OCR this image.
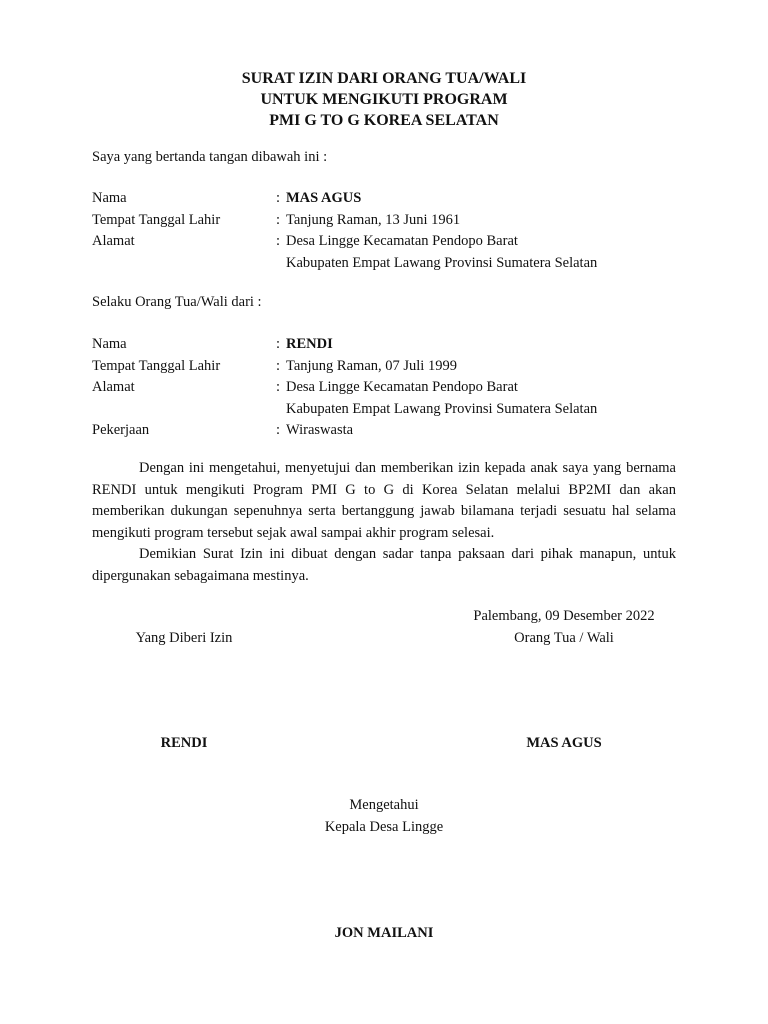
SURAT IZIN DARI ORANG TUA/WALI
UNTUK MENGIKUTI PROGRAM
PMI G TO G KOREA SELATAN
Saya yang bertanda tangan dibawah ini :
Nama	: MAS AGUS
Tempat Tanggal Lahir	: Tanjung Raman, 13 Juni 1961
Alamat	: Desa Lingge Kecamatan Pendopo Barat
Kabupaten Empat Lawang Provinsi Sumatera Selatan
Selaku Orang Tua/Wali dari :
Nama	: RENDI
Tempat Tanggal Lahir	: Tanjung Raman, 07 Juli 1999
Alamat	: Desa Lingge Kecamatan Pendopo Barat
Kabupaten Empat Lawang Provinsi Sumatera Selatan
Pekerjaan	: Wiraswasta

Dengan ini mengetahui, menyetujui dan memberikan izin kepada anak saya yang bernama RENDI untuk mengikuti Program PMI G to G di Korea Selatan melalui BP2MI dan akan memberikan dukungan sepenuhnya serta bertanggung jawab bilamana terjadi sesuatu hal selama mengikuti program tersebut sejak awal sampai akhir program selesai.

Demikian Surat Izin ini dibuat dengan sadar tanpa paksaan dari pihak manapun, untuk dipergunakan sebagaimana mestinya.

Palembang, 09 Desember 2022
Yang Diberi Izin	Orang Tua / Wali
RENDI	MAS AGUS
Mengetahui
Kepala Desa Lingge
JON MAILANI
